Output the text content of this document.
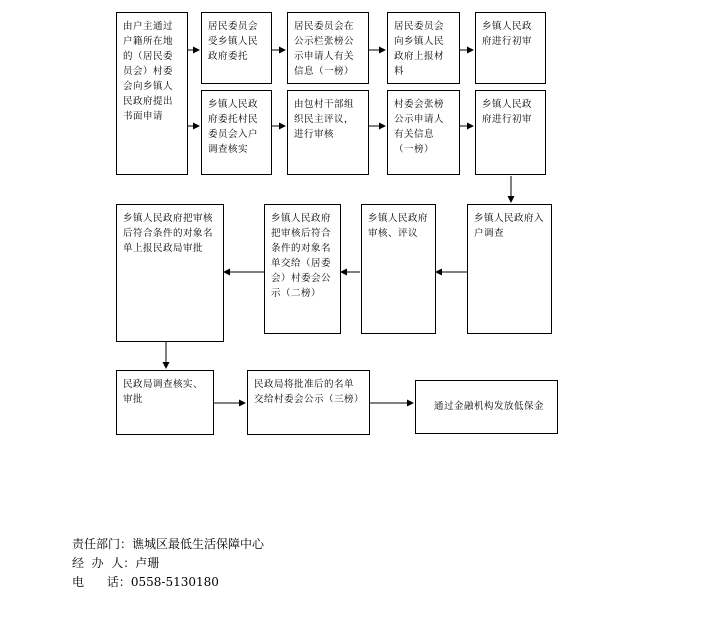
由户主通过户籍所在地的（居民委员会）村委会向乡镇人民政府提出书面申请
居民委员会受乡镇人民政府委托
居民委员会在公示栏张榜公示申请人有关信息（一榜）
居民委员会向乡镇人民政府上报材料
乡镇人民政府进行初审
乡镇人民政府委托村民委员会入户调查核实
由包村干部组织民主评议，进行审核
村委会张榜公示申请人有关信息（一榜）
乡镇人民政府进行初审
乡镇人民政府把审核后符合条件的对象名单上报民政局审批
乡镇人民政府把审核后符合条件的对象名单交给（居委会）村委会公示（二榜）
乡镇人民政府审核、评议
乡镇人民政府入户调查
民政局调查核实、审批
民政局将批准后的名单交给村委会公示（三榜）
通过金融机构发放低保金
责任部门：谯城区最低生活保障中心
经  办  人：卢珊
电      话：0558-5130180
